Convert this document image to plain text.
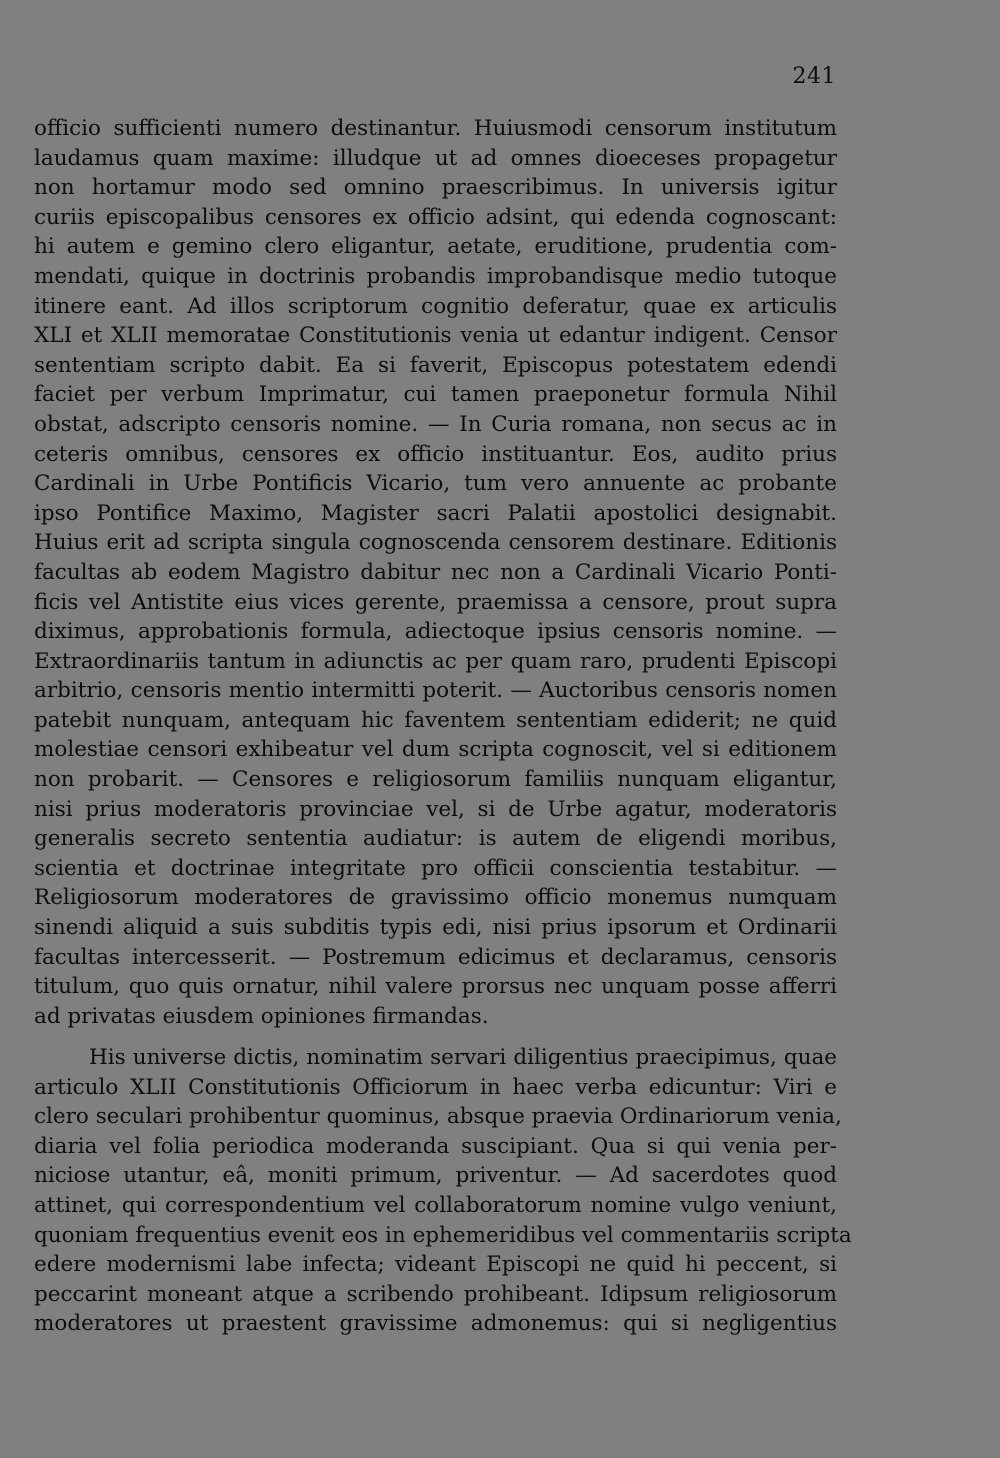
241
officio sufficienti numero destinantur. Huiusmodi censorum institutum
laudamus quam maxime: illudque ut ad omnes dioeceses propagetur
non hortamur modo sed omnino praescribimus. In universis igitur
curiis episcopalibus censores ex officio adsint, qui edenda cognoscant:
hi autem e gemino clero eligantur, aetate, eruditione, prudentia com-
mendati, quique in doctrinis probandis improbandisque medio tutoque
itinere eant. Ad illos scriptorum cognitio deferatur, quae ex articulis
XLI et XLII memoratae Constitutionis venia ut edantur indigent. Censor
sententiam scripto dabit. Ea si faverit, Episcopus potestatem edendi
faciet per verbum Imprimatur, cui tamen praeponetur formula Nihil
obstat, adscripto censoris nomine. — In Curia romana, non secus ac in
ceteris omnibus, censores ex officio instituantur. Eos, audito prius
Cardinali in Urbe Pontificis Vicario, tum vero annuente ac probante
ipso Pontifice Maximo, Magister sacri Palatii apostolici designabit.
Huius erit ad scripta singula cognoscenda censorem destinare. Editionis
facultas ab eodem Magistro dabitur nec non a Cardinali Vicario Ponti-
ficis vel Antistite eius vices gerente, praemissa a censore, prout supra
diximus, approbationis formula, adiectoque ipsius censoris nomine. —
Extraordinariis tantum in adiunctis ac per quam raro, prudenti Episcopi
arbitrio, censoris mentio intermitti poterit. — Auctoribus censoris nomen
patebit nunquam, antequam hic faventem sententiam ediderit; ne quid
molestiae censori exhibeatur vel dum scripta cognoscit, vel si editionem
non probarit. — Censores e religiosorum familiis nunquam eligantur,
nisi prius moderatoris provinciae vel, si de Urbe agatur, moderatoris
generalis secreto sententia audiatur: is autem de eligendi moribus,
scientia et doctrinae integritate pro officii conscientia testabitur. —
Religiosorum moderatores de gravissimo officio monemus numquam
sinendi aliquid a suis subditis typis edi, nisi prius ipsorum et Ordinarii
facultas intercesserit. — Postremum edicimus et declaramus, censoris
titulum, quo quis ornatur, nihil valere prorsus nec unquam posse afferri
ad privatas eiusdem opiniones firmandas.
His universe dictis, nominatim servari diligentius praecipimus, quae
articulo XLII Constitutionis Officiorum in haec verba edicuntur: Viri e
clero seculari prohibentur quominus, absque praevia Ordinariorum venia,
diaria vel folia periodica moderanda suscipiant. Qua si qui venia per-
niciose utantur, eâ, moniti primum, priventur. — Ad sacerdotes quod
attinet, qui correspondentium vel collaboratorum nomine vulgo veniunt,
quoniam frequentius evenit eos in ephemeridibus vel commentariis scripta
edere modernismi labe infecta; videant Episcopi ne quid hi peccent, si
peccarint moneant atque a scribendo prohibeant. Idipsum religiosorum
moderatores ut praestent gravissime admonemus: qui si negligentius
